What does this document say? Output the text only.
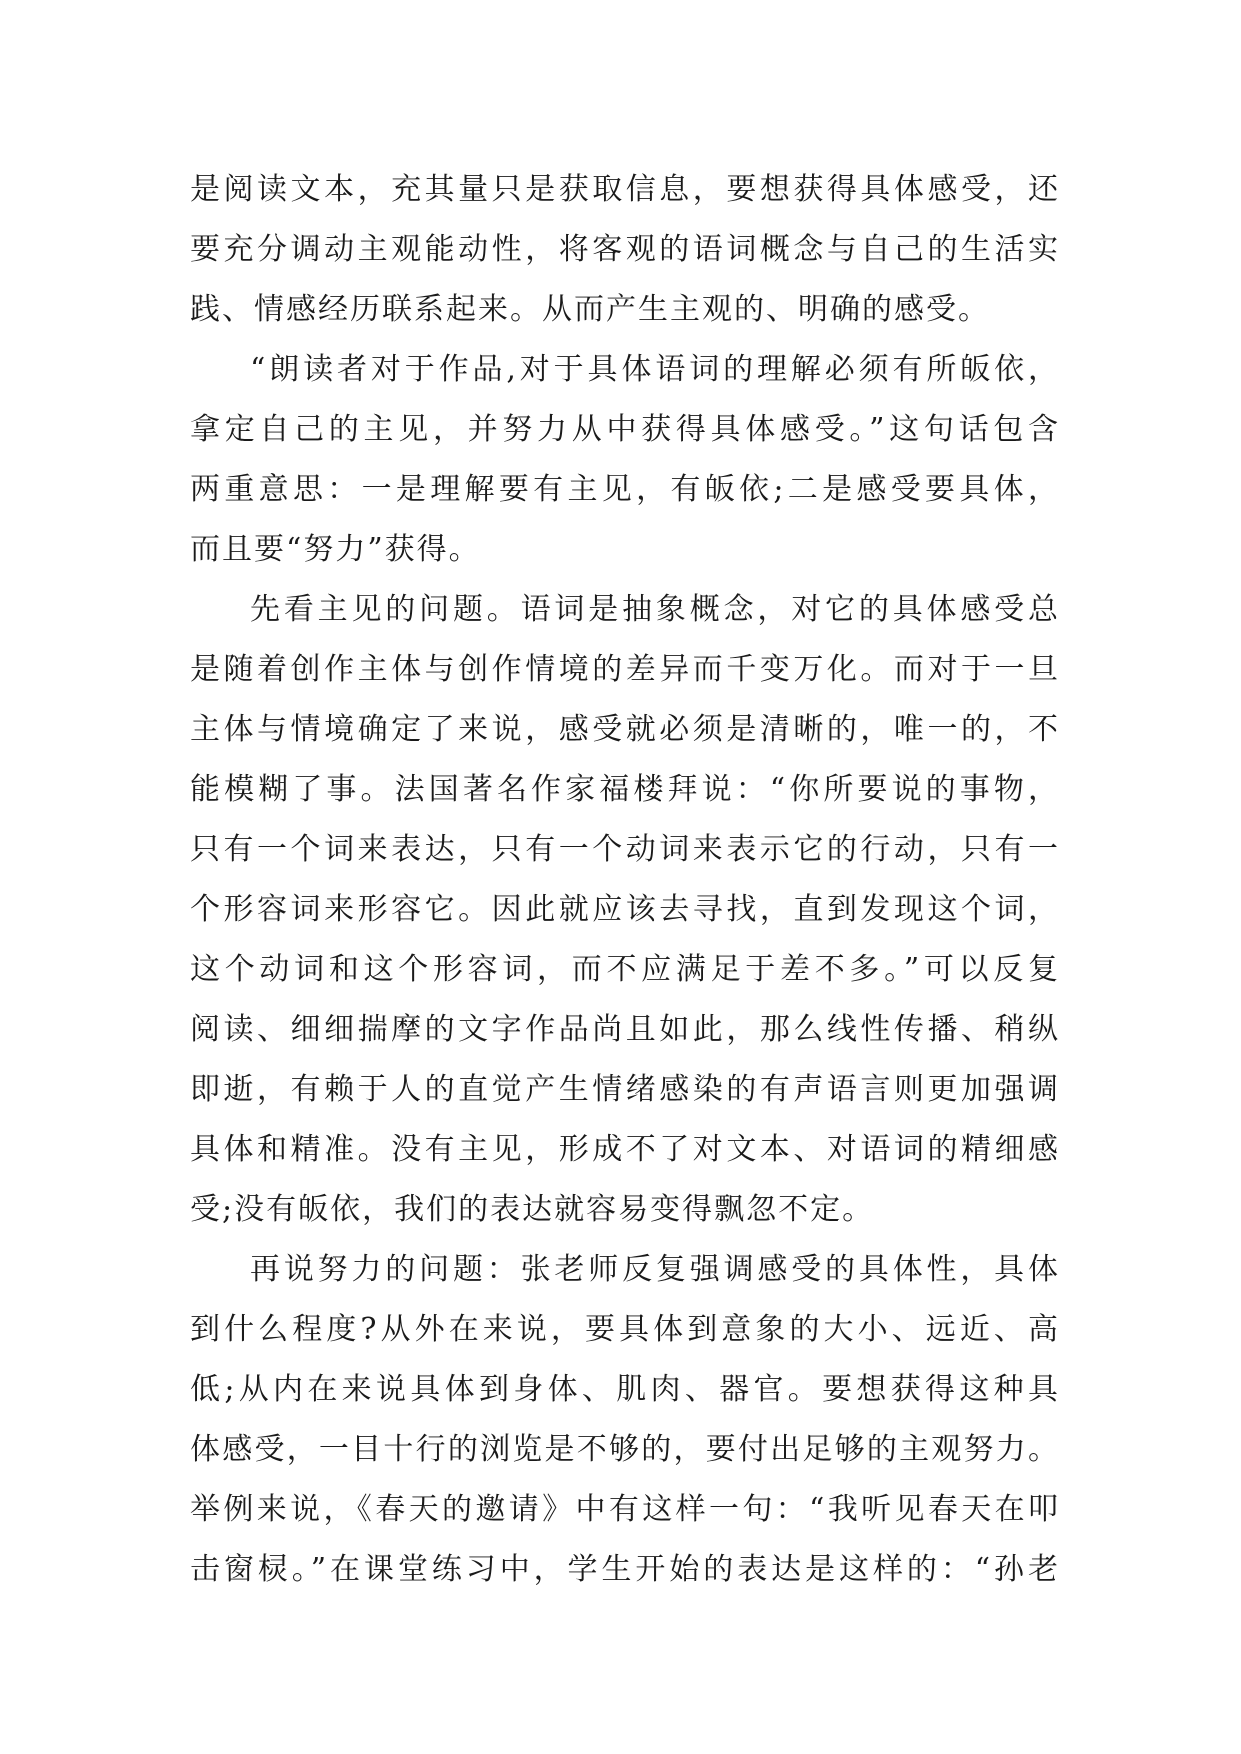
是阅读文本，充其量只是获取信息，要想获得具体感受，还
要充分调动主观能动性，将客观的语词概念与自己的生活实
践、情感经历联系起来。从而产生主观的、明确的感受。
“朗读者对于作品,对于具体语词的理解必须有所皈依，
拿定自己的主见，并努力从中获得具体感受。”这句话包含
两重意思：一是理解要有主见，有皈依;二是感受要具体，
而且要“努力”获得。
先看主见的问题。语词是抽象概念，对它的具体感受总
是随着创作主体与创作情境的差异而千变万化。而对于一旦
主体与情境确定了来说，感受就必须是清晰的，唯一的，不
能模糊了事。法国著名作家福楼拜说：“你所要说的事物，
只有一个词来表达，只有一个动词来表示它的行动，只有一
个形容词来形容它。因此就应该去寻找，直到发现这个词，
这个动词和这个形容词，而不应满足于差不多。”可以反复
阅读、细细揣摩的文字作品尚且如此，那么线性传播、稍纵
即逝，有赖于人的直觉产生情绪感染的有声语言则更加强调
具体和精准。没有主见，形成不了对文本、对语词的精细感
受;没有皈依，我们的表达就容易变得飘忽不定。
再说努力的问题：张老师反复强调感受的具体性，具体
到什么程度?从外在来说，要具体到意象的大小、远近、高
低;从内在来说具体到身体、肌肉、器官。要想获得这种具
体感受，一目十行的浏览是不够的，要付出足够的主观努力。
举例来说，《春天的邀请》中有这样一句：“我听见春天在叩
击窗棂。”在课堂练习中，学生开始的表达是这样的：“孙老
